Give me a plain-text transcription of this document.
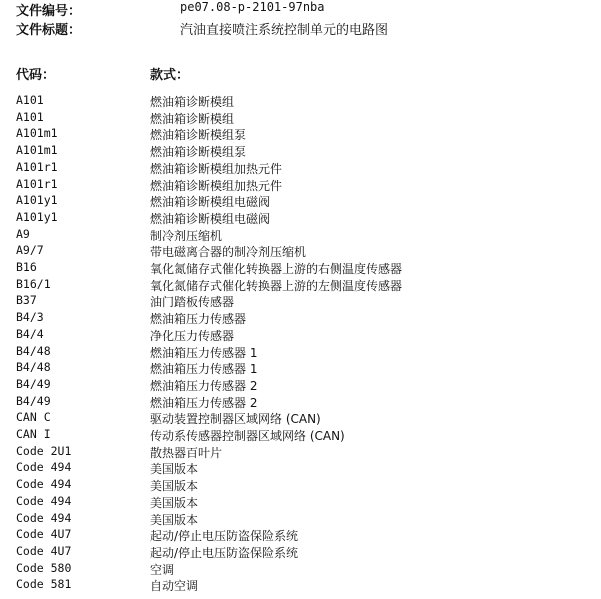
文件编号：	pe07.08-p-2101-97nba
文件标题：	汽油直接喷注系统控制单元的电路图
代码：	款式：
A101	燃油箱诊断模组
A101	燃油箱诊断模组
A101m1	燃油箱诊断模组泵
A101m1	燃油箱诊断模组泵
A101r1	燃油箱诊断模组加热元件
A101r1	燃油箱诊断模组加热元件
A101y1	燃油箱诊断模组电磁阀
A101y1	燃油箱诊断模组电磁阀
A9	制冷剂压缩机
A9/7	带电磁离合器的制冷剂压缩机
B16	氧化氮储存式催化转换器上游的右侧温度传感器
B16/1	氧化氮储存式催化转换器上游的左侧温度传感器
B37	油门踏板传感器
B4/3	燃油箱压力传感器
B4/4	净化压力传感器
B4/48	燃油箱压力传感器 1
B4/48	燃油箱压力传感器 1
B4/49	燃油箱压力传感器 2
B4/49	燃油箱压力传感器 2
CAN C	驱动装置控制器区域网络 (CAN)
CAN I	传动系传感器控制器区域网络 (CAN)
Code 2U1	散热器百叶片
Code 494	美国版本
Code 494	美国版本
Code 494	美国版本
Code 494	美国版本
Code 4U7	起动/停止电压防盗保险系统
Code 4U7	起动/停止电压防盗保险系统
Code 580	空调
Code 581	自动空调
